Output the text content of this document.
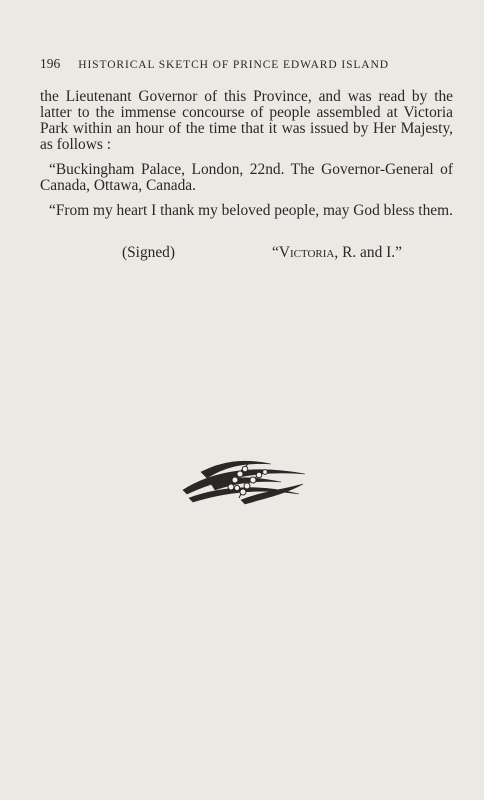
196 HISTORICAL SKETCH OF PRINCE EDWARD ISLAND

the Lieutenant Governor of this Province, and was read by the latter to the immense concourse of people assembled at Victoria Park within an hour of the time that it was issued by Her Majesty, as follows :

“Buckingham Palace, London, 22nd. The Governor-General of Canada, Ottawa, Canada.

“From my heart I thank my beloved people, may God bless them.

(Signed)	“Victoria, R. and I.”
